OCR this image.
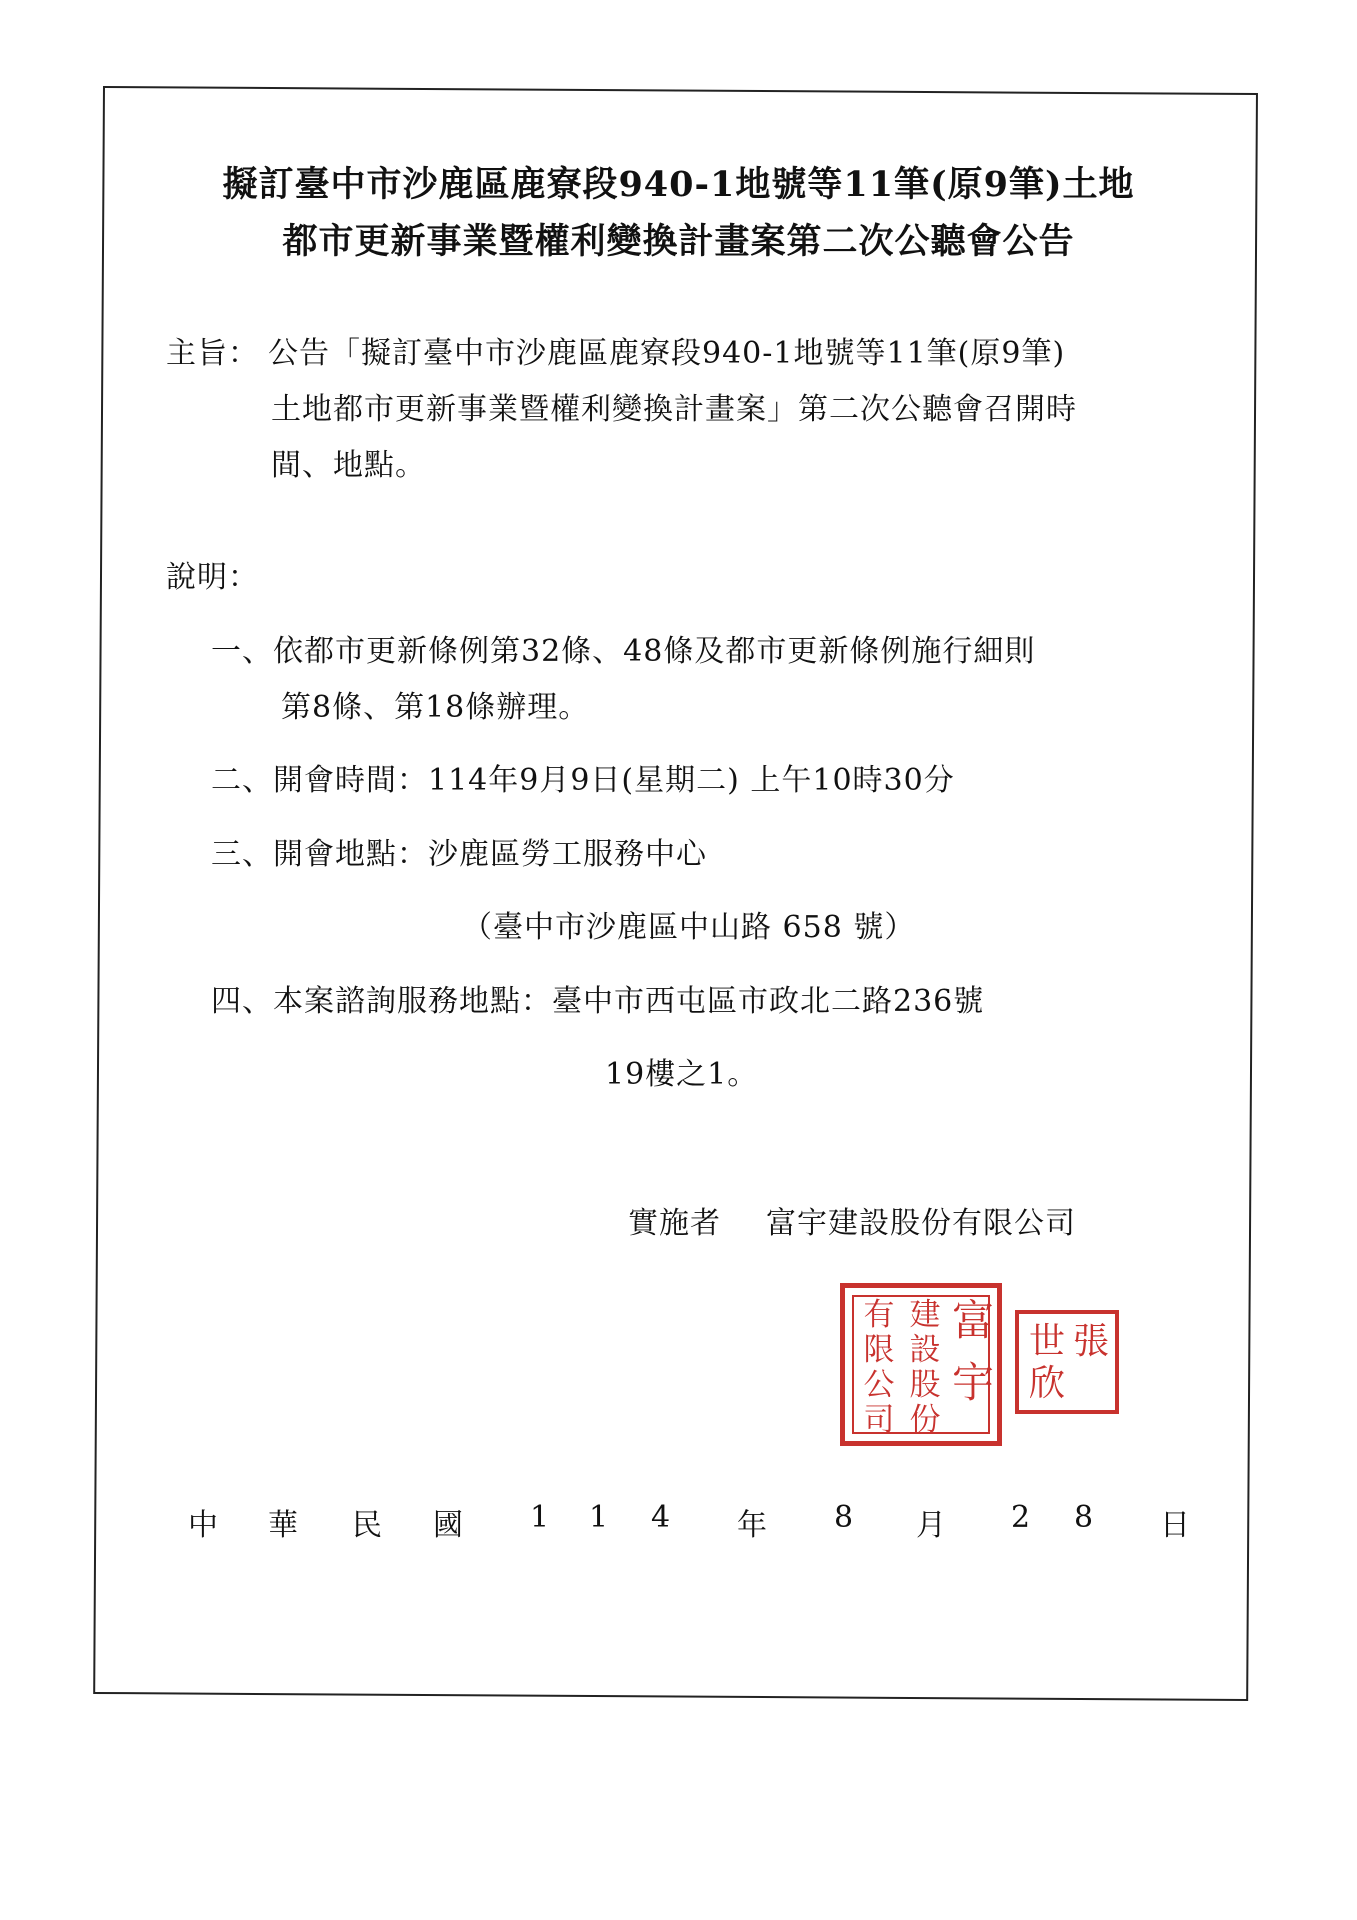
擬訂臺中市沙鹿區鹿寮段940-1地號等11筆(原9筆)土地
都市更新事業暨權利變換計畫案第二次公聽會公告
主旨： 公告「擬訂臺中市沙鹿區鹿寮段940-1地號等11筆(原9筆)
土地都市更新事業暨權利變換計畫案」第二次公聽會召開時
間、地點。
說明：
一、依都市更新條例第32條、48條及都市更新條例施行細則
第8條、第18條辦理。
二、開會時間：114年9月9日(星期二) 上午10時30分
三、開會地點：沙鹿區勞工服務中心
（臺中市沙鹿區中山路 658 號）
四、本案諮詢服務地點：臺中市西屯區市政北二路236號
19樓之1。
實施者 富宇建設股份有限公司
富
宇
建
設
股
份
有
限
公
司
張
世
欣
中 華 民 國 1 1 4 年 8 月 2 8 日
